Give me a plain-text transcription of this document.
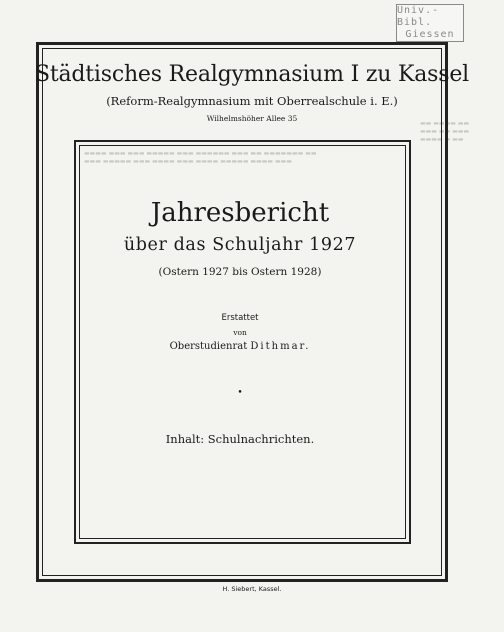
▬▬ ▬▬▬▬ ▬▬
▬▬▬ ▬▬ ▬▬▬
▬▬▬▬ ▬ ▬▬
▬▬▬▬ ▬▬▬ ▬▬▬ ▬▬▬▬▬ ▬▬▬ ▬▬▬▬▬▬ ▬▬▬ ▬▬ ▬▬▬▬▬▬▬ ▬▬
▬▬▬ ▬▬▬▬▬ ▬▬▬ ▬▬▬▬ ▬▬▬ ▬▬▬▬ ▬▬▬▬▬ ▬▬▬▬ ▬▬▬
Univ.-Bibl.
Giessen
Städtisches Realgymnasium I zu Kassel
(Reform-Realgymnasium mit Oberrealschule i. E.)
Wilhelmshöher Allee 35
Jahresbericht
über das Schuljahr 1927
(Ostern 1927 bis Ostern 1928)
Erstattet
von
Oberstudienrat Dithmar.
•
Inhalt: Schulnachrichten.
H. Siebert, Kassel.
